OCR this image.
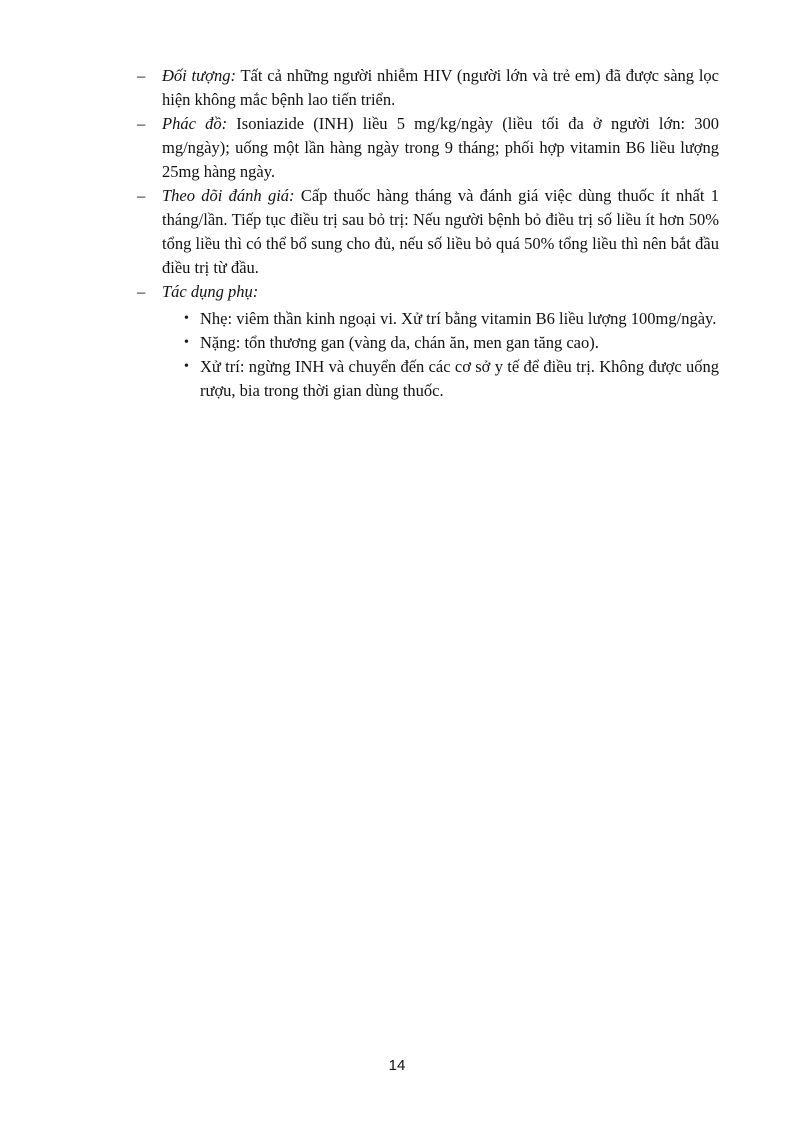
–	Đối tượng: Tất cả những người nhiễm HIV (người lớn và trẻ em) đã được sàng lọc hiện không mắc bệnh lao tiến triển.

–	Phác đồ: Isoniazide (INH) liều 5 mg/kg/ngày (liều tối đa ở người lớn: 300 mg/ngày); uống một lần hàng ngày trong 9 tháng; phối hợp vitamin B6 liều lượng 25mg hàng ngày.

–	Theo dõi đánh giá: Cấp thuốc hàng tháng và đánh giá việc dùng thuốc ít nhất 1 tháng/lần. Tiếp tục điều trị sau bỏ trị: Nếu người bệnh bỏ điều trị số liều ít hơn 50% tổng liều thì có thể bổ sung cho đủ, nếu số liều bỏ quá 50% tổng liều thì nên bắt đầu điều trị từ đầu.

–	Tác dụng phụ:

• Nhẹ: viêm thần kinh ngoại vi. Xử trí bằng vitamin B6 liều lượng 100mg/ngày.
• Nặng: tổn thương gan (vàng da, chán ăn, men gan tăng cao).
• Xử trí: ngừng INH và chuyển đến các cơ sở y tế để điều trị. Không được uống rượu, bia trong thời gian dùng thuốc.
14
